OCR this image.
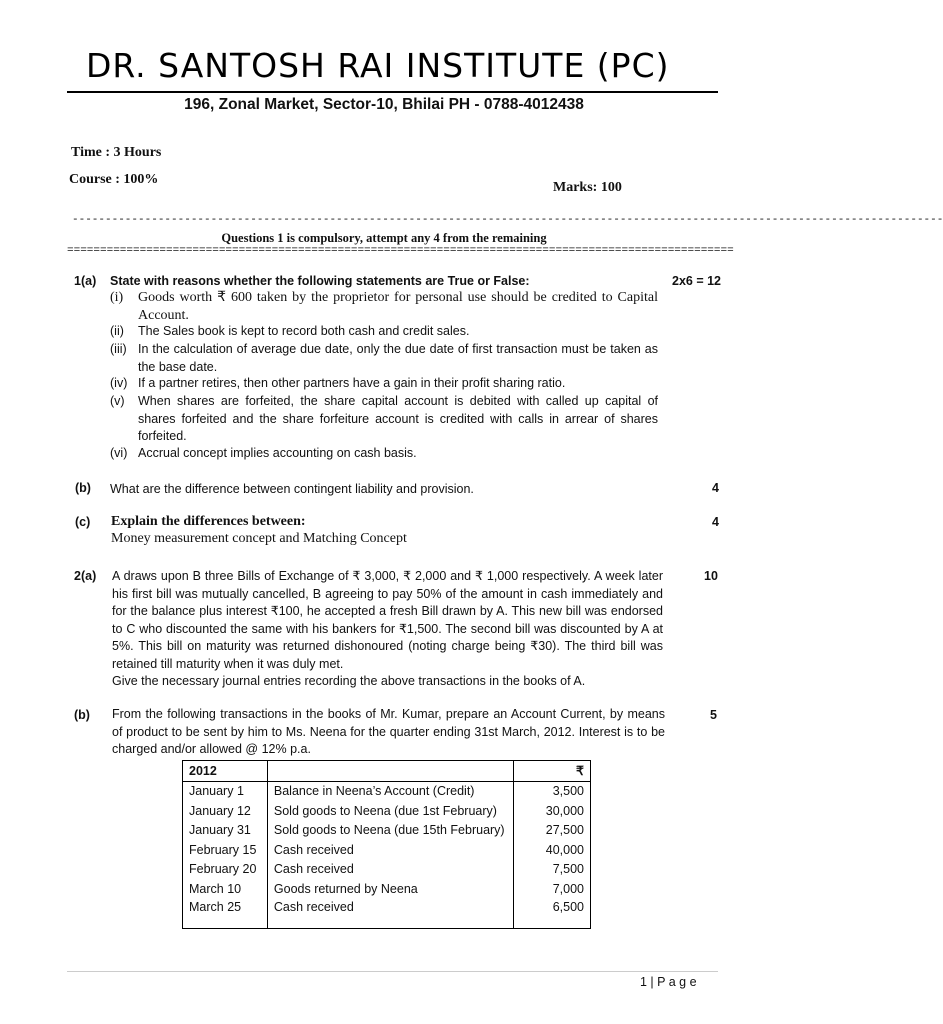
DR. SANTOSH RAI INSTITUTE (PC)
196, Zonal Market, Sector-10, Bhilai PH - 0788-4012438
Time : 3 Hours
Course : 100%
Marks: 100
------------------------------------------------------------------------------------------------------------------------------------
Questions 1 is compulsory, attempt any 4 from the remaining
=====================================================================================================
1(a) State with reasons whether the following statements are True or False:	2x6 = 12
(i) Goods worth ₹ 600 taken by the proprietor for personal use should be credited to Capital Account.
(ii) The Sales book is kept to record both cash and credit sales.
(iii) In the calculation of average due date, only the due date of first transaction must be taken as the base date.
(iv) If a partner retires, then other partners have a gain in their profit sharing ratio.
(v) When shares are forfeited, the share capital account is debited with called up capital of shares forfeited and the share forfeiture account is credited with calls in arrear of shares forfeited.
(vi) Accrual concept implies accounting on cash basis.
(b) What are the difference between contingent liability and provision.	4
(c) Explain the differences between:
Money measurement concept and Matching Concept
4
2(a) A draws upon B three Bills of Exchange of ₹ 3,000, ₹ 2,000 and ₹ 1,000 respectively. A week later his first bill was mutually cancelled, B agreeing to pay 50% of the amount in cash immediately and for the balance plus interest ₹100, he accepted a fresh Bill drawn by A. This new bill was endorsed to C who discounted the same with his bankers for ₹1,500. The second bill was discounted by A at 5%. This bill on maturity was returned dishonoured (noting charge being ₹30). The third bill was retained till maturity when it was duly met.
Give the necessary journal entries recording the above transactions in the books of A.
10
(b) From the following transactions in the books of Mr. Kumar, prepare an Account Current, by means of product to be sent by him to Ms. Neena for the quarter ending 31st March, 2012. Interest is to be charged and/or allowed @ 12% p.a.
5
2012		₹
January 1	Balance in Neena’s Account (Credit)	3,500
January 12	Sold goods to Neena (due 1st February)	30,000
January 31	Sold goods to Neena (due 15th February)	27,500
February 15	Cash received	40,000
February 20	Cash received	7,500
March 10	Goods returned by Neena	7,000
March 25	Cash received	6,500
1 | P a g e
